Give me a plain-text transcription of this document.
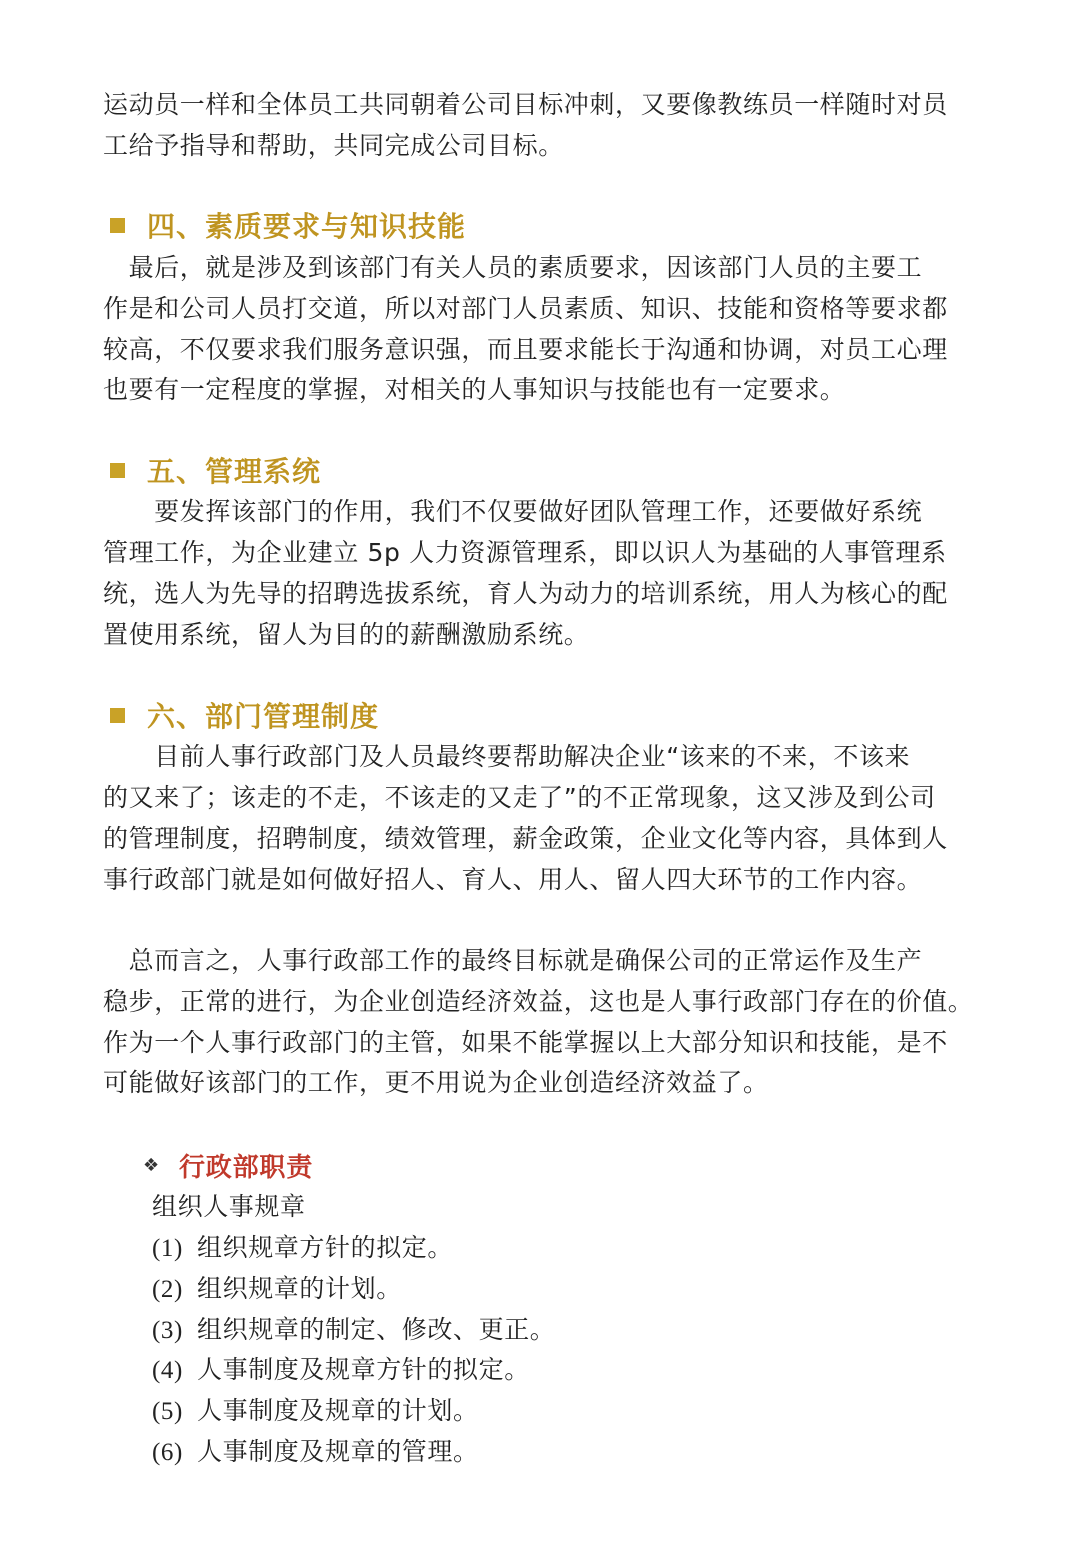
运动员一样和全体员工共同朝着公司目标冲刺，又要像教练员一样随时对员
工给予指导和帮助，共同完成公司目标。
四、素质要求与知识技能
　最后，就是涉及到该部门有关人员的素质要求，因该部门人员的主要工
作是和公司人员打交道，所以对部门人员素质、知识、技能和资格等要求都
较高，不仅要求我们服务意识强，而且要求能长于沟通和协调，对员工心理
也要有一定程度的掌握，对相关的人事知识与技能也有一定要求。
五、管理系统
　　要发挥该部门的作用，我们不仅要做好团队管理工作，还要做好系统
管理工作，为企业建立 5p 人力资源管理系，即以识人为基础的人事管理系
统，选人为先导的招聘选拔系统，育人为动力的培训系统，用人为核心的配
置使用系统，留人为目的的薪酬激励系统。
六、部门管理制度
　　目前人事行政部门及人员最终要帮助解决企业“该来的不来，不该来
的又来了；该走的不走，不该走的又走了”的不正常现象，这又涉及到公司
的管理制度，招聘制度，绩效管理，薪金政策，企业文化等内容，具体到人
事行政部门就是如何做好招人、育人、用人、留人四大环节的工作内容。
　总而言之，人事行政部工作的最终目标就是确保公司的正常运作及生产
稳步，正常的进行，为企业创造经济效益，这也是人事行政部门存在的价值。
作为一个人事行政部门的主管，如果不能掌握以上大部分知识和技能，是不
可能做好该部门的工作，更不用说为企业创造经济效益了。
❖ 行政部职责
组织人事规章
(1) 组织规章方针的拟定。
(2) 组织规章的计划。
(3) 组织规章的制定、修改、更正。
(4) 人事制度及规章方针的拟定。
(5) 人事制度及规章的计划。
(6) 人事制度及规章的管理。
